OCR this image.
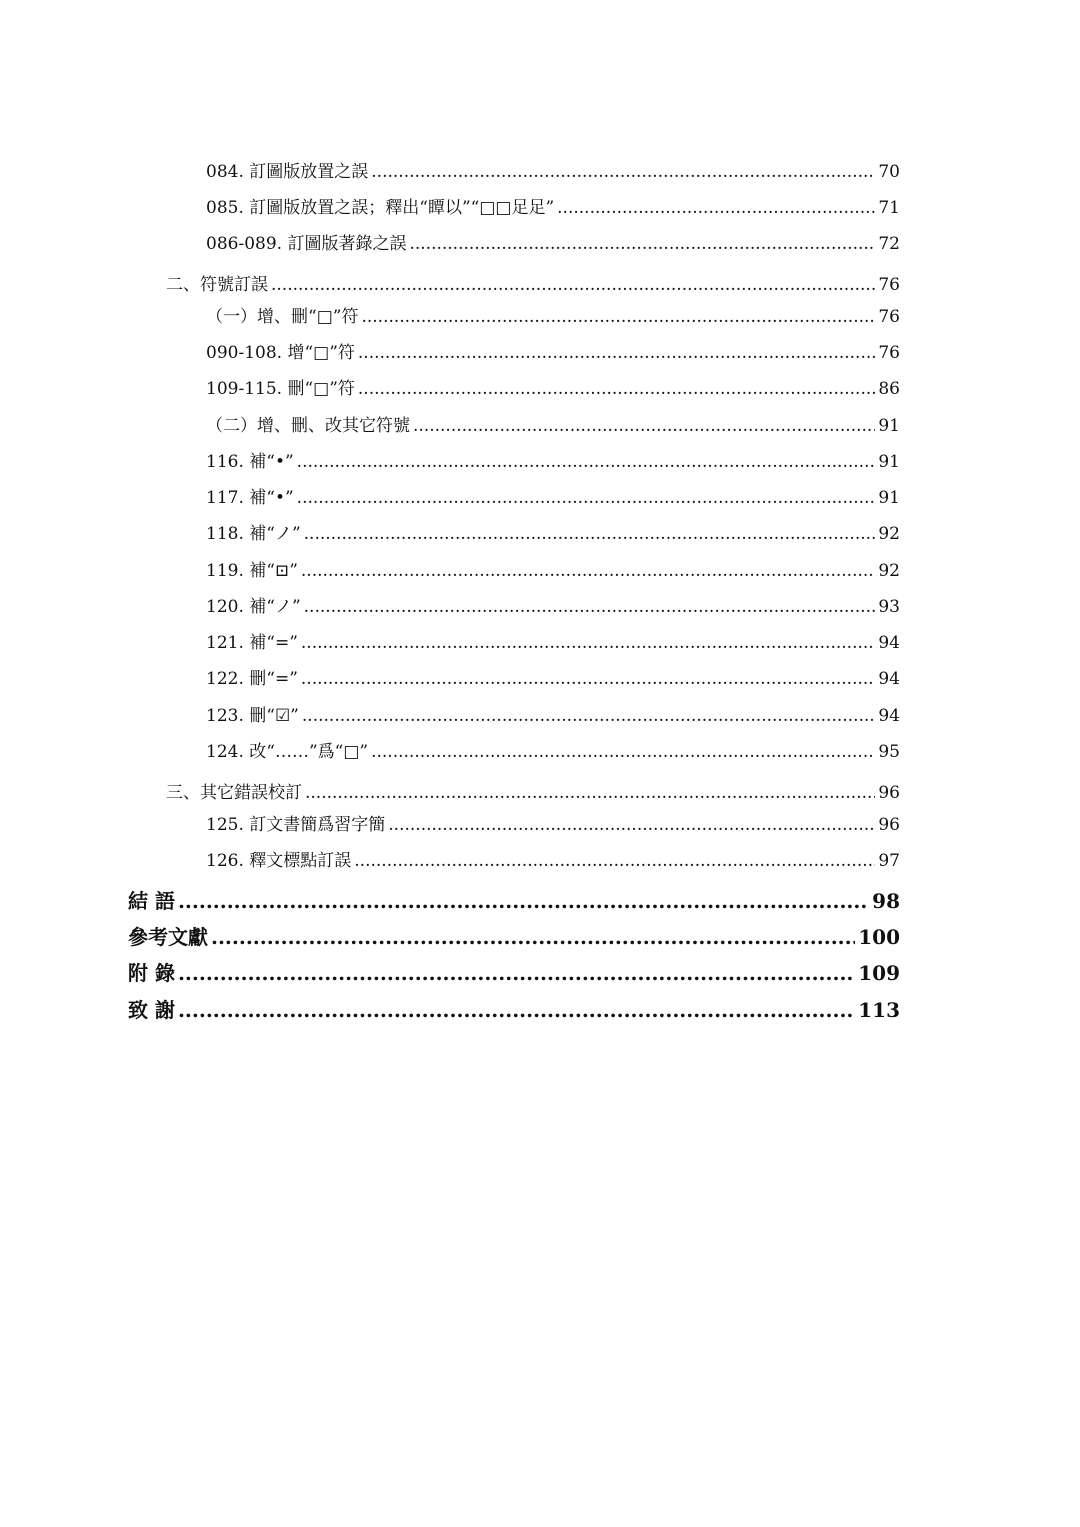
084. 訂圖版放置之誤 .....	70
085. 訂圖版放置之誤；釋出“瞫以”“□□足足” .....	71
086-089. 訂圖版著錄之誤 .....	72
二、符號訂誤 .....	76
（一）增、刪“□”符 .....	76
090-108. 增“□”符 .....	76
109-115. 刪“□”符 .....	86
（二）增、刪、改其它符號 .....	91
116. 補“•” .....	91
117. 補“•” .....	91
118. 補“ノ” .....	92
119. 補“⊡” .....	92
120. 補“ノ” .....	93
121. 補“=” .....	94
122. 刪“=” .....	94
123. 刪“☑” .....	94
124. 改“……”爲“□” .....	95
三、其它錯誤校訂 .....	96
125. 訂文書簡爲習字簡 .....	96
126. 釋文標點訂誤 .....	97
結 語 .....	98
參考文獻 .....	100
附 錄 .....	109
致 謝 .....	113
